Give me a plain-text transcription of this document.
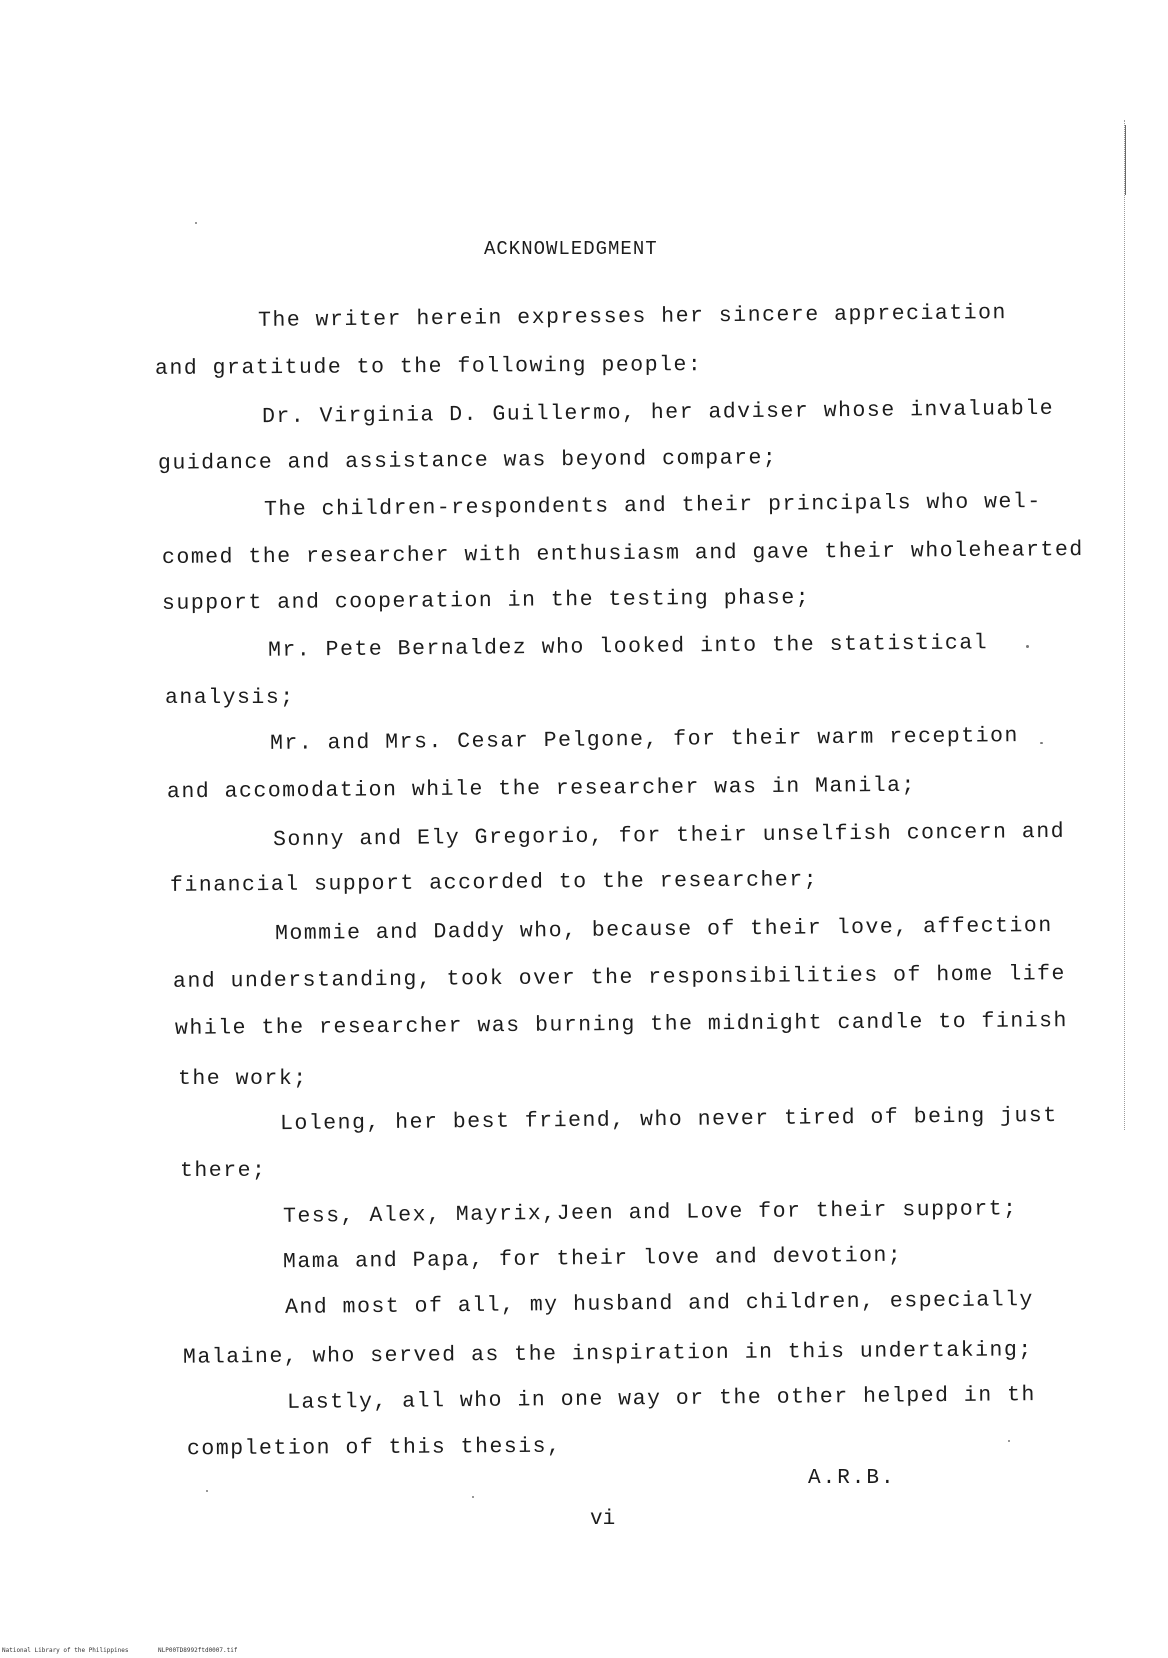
ACKNOWLEDGMENT
The writer herein expresses her sincere appreciation
and gratitude to the following people:
Dr. Virginia D. Guillermo, her adviser whose invaluable
guidance and assistance was beyond compare;
The children-respondents and their principals who wel-
comed the researcher with enthusiasm and gave their wholehearted
support and cooperation in the testing phase;
Mr. Pete Bernaldez who looked into the statistical
analysis;
Mr. and Mrs. Cesar Pelgone, for their warm reception
and accomodation while the researcher was in Manila;
Sonny and Ely Gregorio, for their unselfish concern and
financial support accorded to the researcher;
Mommie and Daddy who, because of their love, affection
and understanding, took over the responsibilities of home life
while the researcher was burning the midnight candle to finish
the work;
Loleng, her best friend, who never tired of being just
there;
Tess, Alex, Mayrix,Jeen and Love for their support;
Mama and Papa, for their love and devotion;
And most of all, my husband and children, especially
Malaine, who served as the inspiration in this undertaking;
Lastly, all who in one way or the other helped in th
completion of this thesis,
A.R.B.
vi
National Library of the Philippines	NLP00TD8992ftd0007.tif
